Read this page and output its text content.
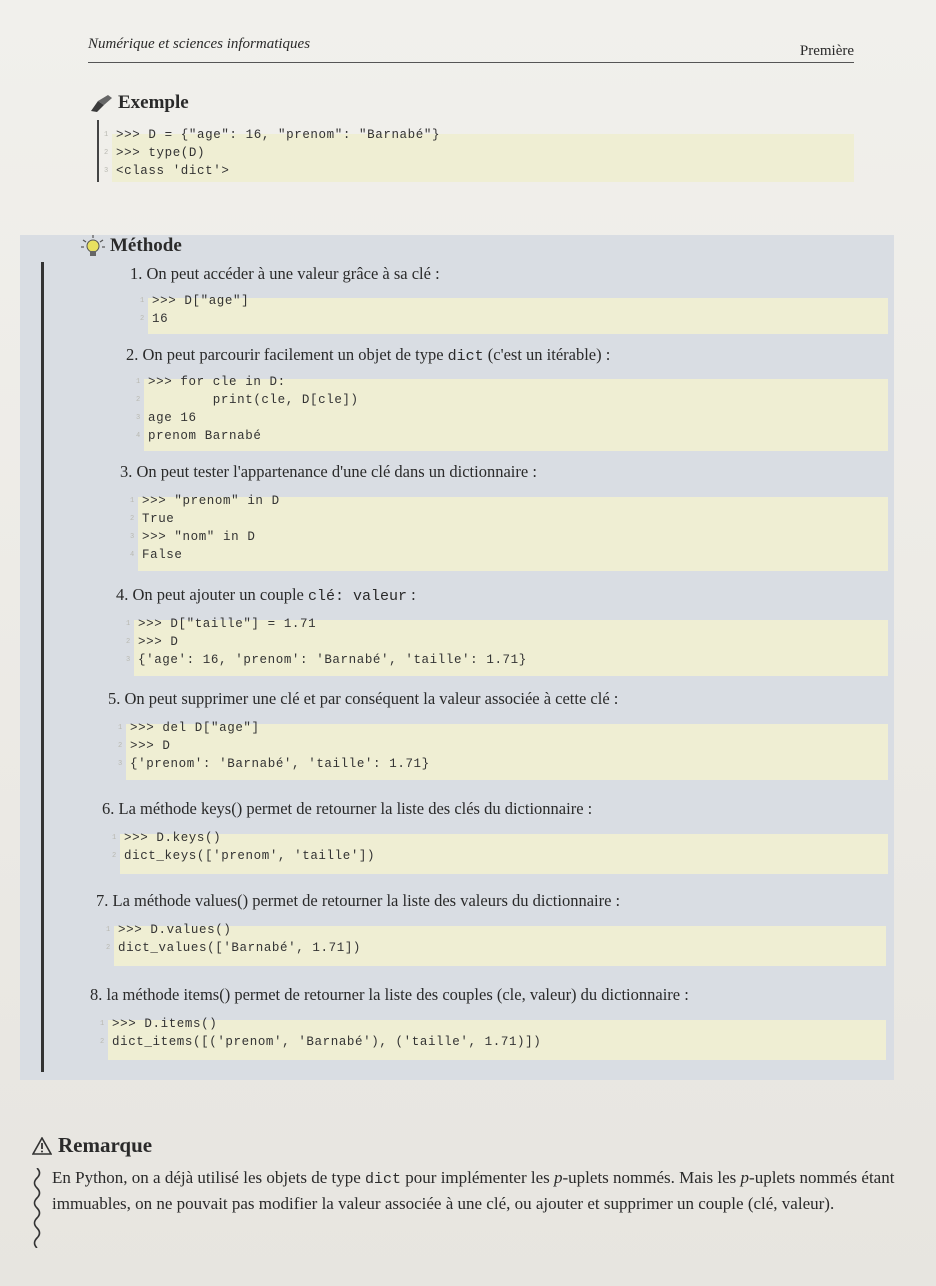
Numérique et sciences informatiques	Première
Exemple
1 >>> D = {"age": 16, "prenom": "Barnabé"}
2 >>> type(D)
3 <class 'dict'>
Méthode
1. On peut accéder à une valeur grâce à sa clé :
1 >>> D["age"]
2 16
2. On peut parcourir facilement un objet de type dict (c'est un itérable) :
1 >>> for cle in D:
2 print(cle, D[cle])
3 age 16
4 prenom Barnabé
3. On peut tester l'appartenance d'une clé dans un dictionnaire :
1 >>> "prenom" in D
2 True
3 >>> "nom" in D
4 False
4. On peut ajouter un couple clé: valeur :
1 >>> D["taille"] = 1.71
2 >>> D
3 {'age': 16, 'prenom': 'Barnabé', 'taille': 1.71}
5. On peut supprimer une clé et par conséquent la valeur associée à cette clé :
1 >>> del D["age"]
2 >>> D
3 {'prenom': 'Barnabé', 'taille': 1.71}
6. La méthode keys() permet de retourner la liste des clés du dictionnaire :
1 >>> D.keys()
2 dict_keys(['prenom', 'taille'])
7. La méthode values() permet de retourner la liste des valeurs du dictionnaire :
1 >>> D.values()
2 dict_values(['Barnabé', 1.71])
8. la méthode items() permet de retourner la liste des couples (cle, valeur) du dictionnaire :
1 >>> D.items()
2 dict_items([('prenom', 'Barnabé'), ('taille', 1.71)])
Remarque
En Python, on a déjà utilisé les objets de type dict pour implémenter les p-uplets nommés. Mais les p-uplets nommés étant immuables, on ne pouvait pas modifier la valeur associée à une clé, ou ajouter et supprimer un couple (clé, valeur).
